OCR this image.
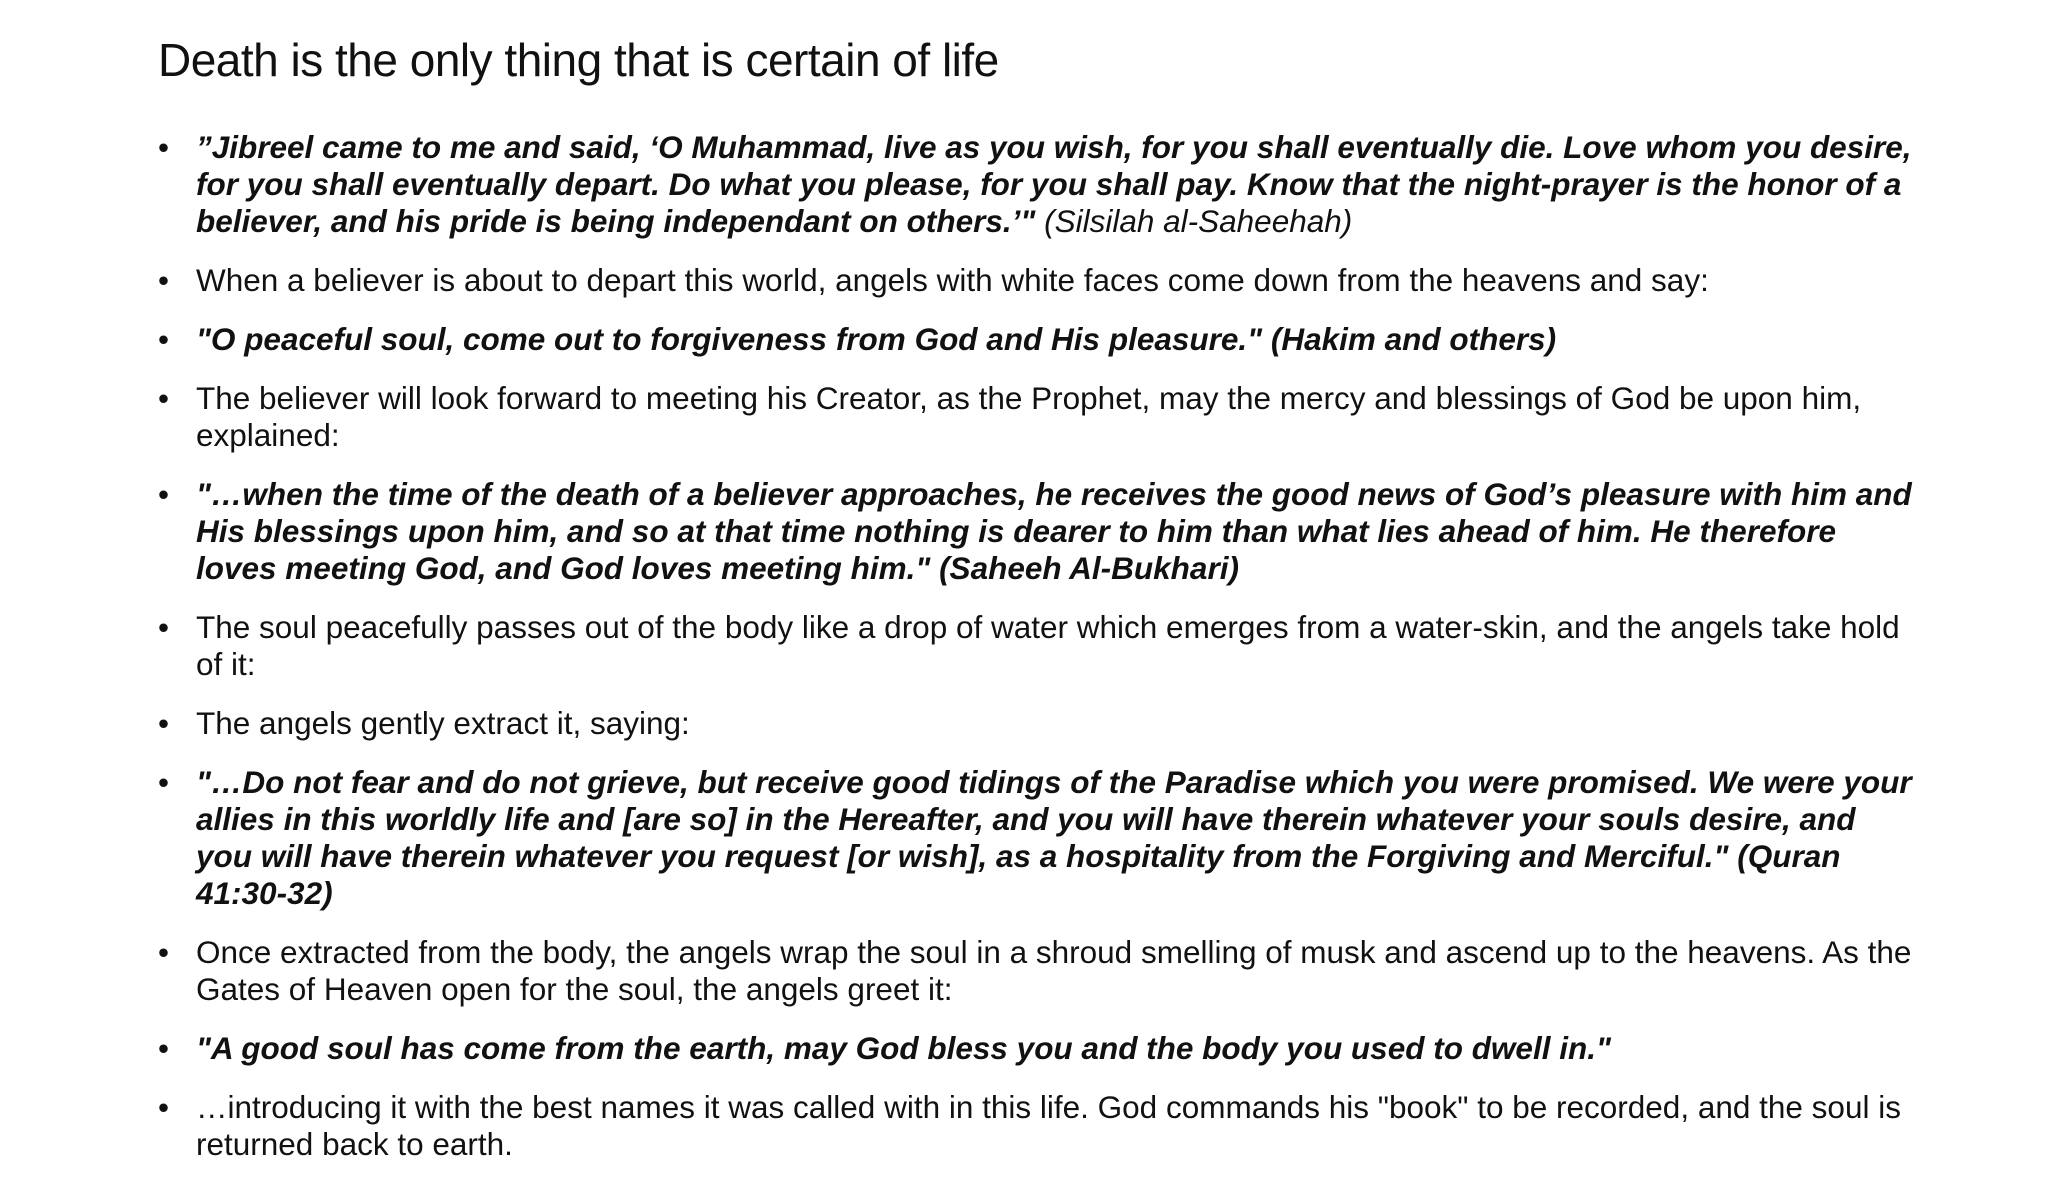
Death is the only thing that is certain of life
• ”Jibreel came to me and said, ‘O Muhammad, live as you wish, for you shall eventually die. Love whom you desire, for you shall eventually depart. Do what you please, for you shall pay. Know that the night-prayer is the honor of a believer, and his pride is being independant on others.’" (Silsilah al-Saheehah)
• When a believer is about to depart this world, angels with white faces come down from the heavens and say:
• "O peaceful soul, come out to forgiveness from God and His pleasure." (Hakim and others)
• The believer will look forward to meeting his Creator, as the Prophet, may the mercy and blessings of God be upon him, explained:
• "…when the time of the death of a believer approaches, he receives the good news of God’s pleasure with him and His blessings upon him, and so at that time nothing is dearer to him than what lies ahead of him. He therefore loves meeting God, and God loves meeting him." (Saheeh Al-Bukhari)
• The soul peacefully passes out of the body like a drop of water which emerges from a water-skin, and the angels take hold of it:
• The angels gently extract it, saying:
• "…Do not fear and do not grieve, but receive good tidings of the Paradise which you were promised. We were your allies in this worldly life and [are so] in the Hereafter, and you will have therein whatever your souls desire, and you will have therein whatever you request [or wish], as a hospitality from the Forgiving and Merciful." (Quran 41:30-32)
• Once extracted from the body, the angels wrap the soul in a shroud smelling of musk and ascend up to the heavens. As the Gates of Heaven open for the soul, the angels greet it:
• "A good soul has come from the earth, may God bless you and the body you used to dwell in."
• …introducing it with the best names it was called with in this life. God commands his "book" to be recorded, and the soul is returned back to earth.
